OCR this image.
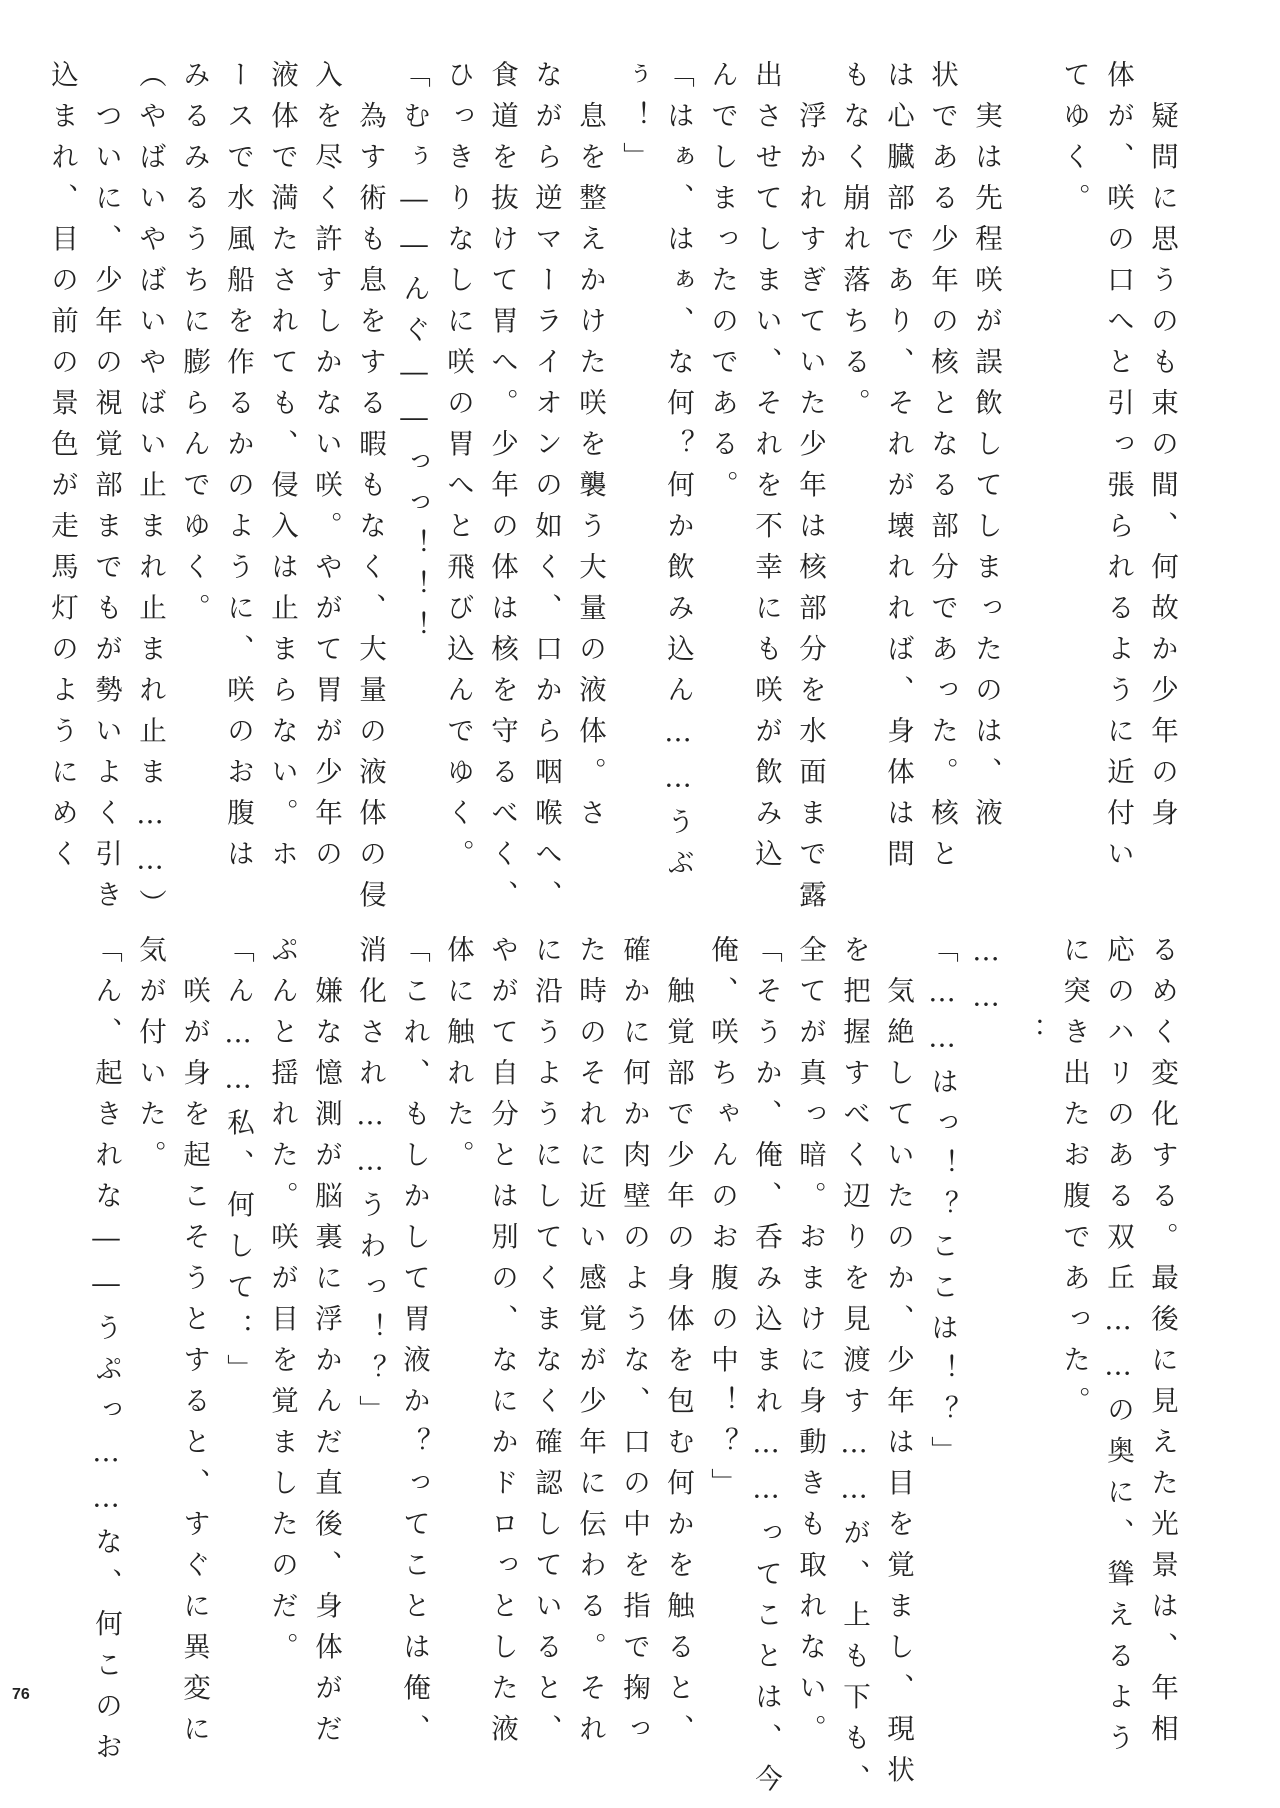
　疑問に思うのも束の間、何故か少年の身
体が、咲の口へと引っ張られるように近付い
てゆく。

　実は先程咲が誤飲してしまったのは、液
状である少年の核となる部分であった。核と
は心臓部であり、それが壊れれば、身体は問
もなく崩れ落ちる。
　浮かれすぎていた少年は核部分を水面まで露
出させてしまい、それを不幸にも咲が飲み込
んでしまったのである。
「はぁ、はぁ、な何？何か飲み込ん……うぶ
ぅ！」
　息を整えかけた咲を襲う大量の液体。さ
ながら逆マーライオンの如く、口から咽喉へ、
食道を抜けて胃へ。少年の体は核を守るべく、
ひっきりなしに咲の胃へと飛び込んでゆく。
「むぅ――んぐ――っっ！！！
　為す術も息をする暇もなく、大量の液体の侵
入を尽く許すしかない咲。やがて胃が少年の
液体で満たされても、侵入は止まらない。ホ
ースで水風船を作るかのように、咲のお腹は
みるみるうちに膨らんでゆく。
（やばいやばいやばい止まれ止まれ止ま……）
　ついに、少年の視覚部までもが勢いよく引き
込まれ、目の前の景色が走馬灯のようにめく
るめく変化する。最後に見えた光景は、年相
応のハリのある双丘……の奥に、聳えるよう
に突き出たお腹であった。
　　：
……
「……はっ！？ここは！？」
　気絶していたのか、少年は目を覚まし、現状
を把握すべく辺りを見渡す……が、上も下も、
全てが真っ暗。おまけに身動きも取れない。
「そうか、俺、呑み込まれ……ってことは、今
俺、咲ちゃんのお腹の中！？」
　触覚部で少年の身体を包む何かを触ると、
確かに何か肉壁のような、口の中を指で掬っ
た時のそれに近い感覚が少年に伝わる。それ
に沿うようにしてくまなく確認していると、
やがて自分とは別の、なにかドロっとした液
体に触れた。
「これ、もしかして胃液か？ってことは俺、
消化され……うわっ！？」
　嫌な憶測が脳裏に浮かんだ直後、身体がだ
ぷんと揺れた。咲が目を覚ましたのだ。
「ん……私、何して：」
　咲が身を起こそうとすると、すぐに異変に
気が付いた。
「ん、起きれな――うぷっ……な、何このお
76
